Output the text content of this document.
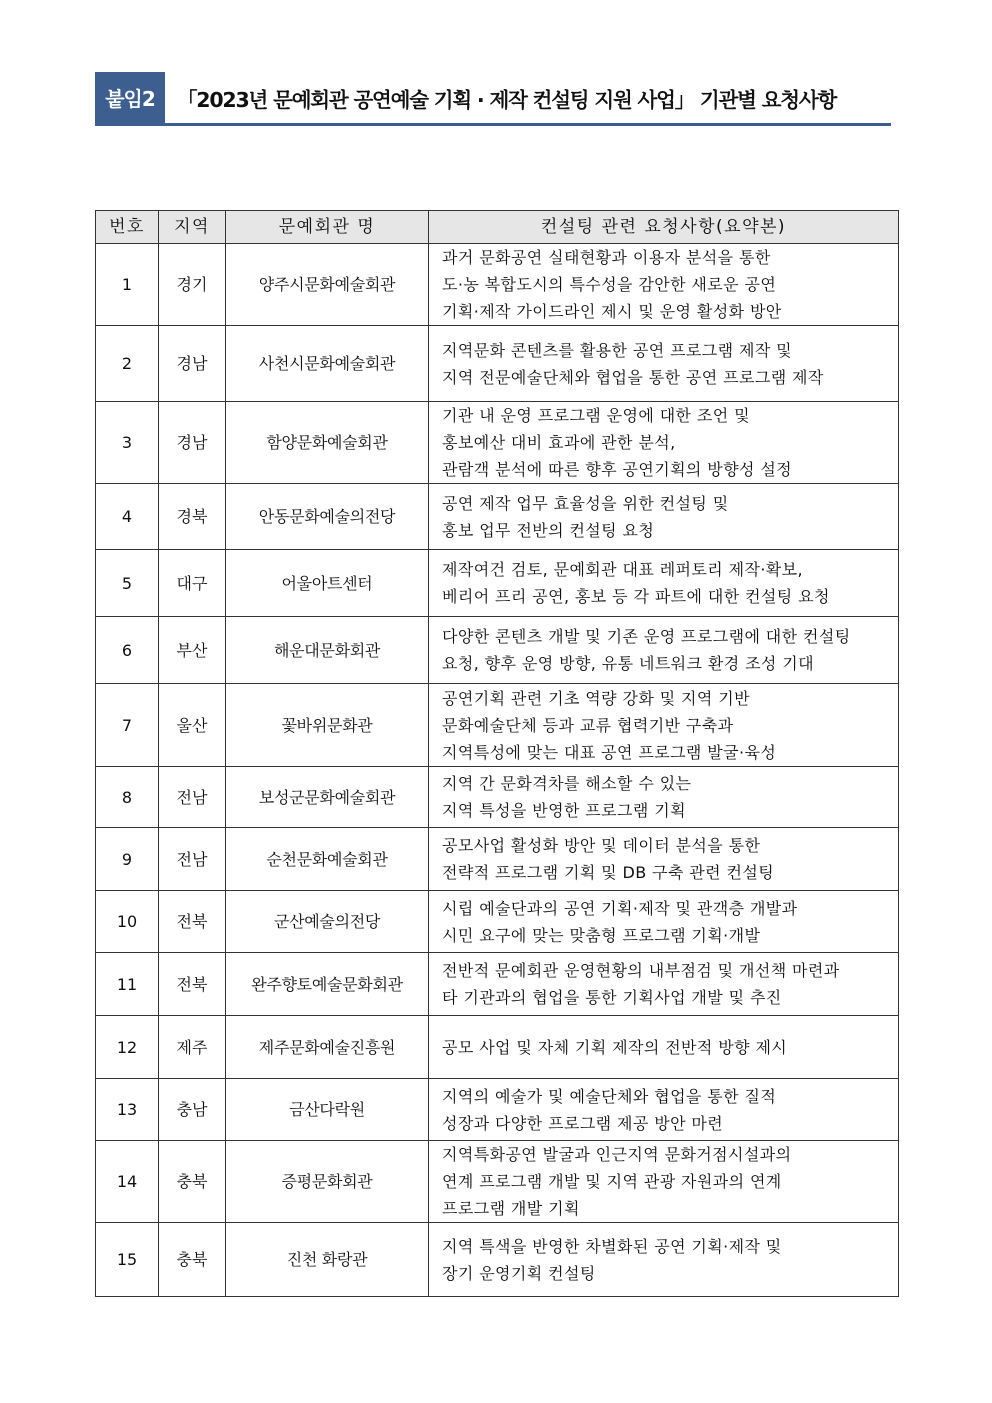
붙임2	「2023년 문예회관 공연예술 기획 · 제작 컨설팅 지원 사업」 기관별 요청사항
번호	지역	문예회관 명	컨설팅 관련 요청사항(요약본)
1	경기	양주시문화예술회관	과거 문화공연 실태현황과 이용자 분석을 통한
도·농 복합도시의 특수성을 감안한 새로운 공연
기획·제작 가이드라인 제시 및 운영 활성화 방안

2	경남	사천시문화예술회관	지역문화 콘텐츠를 활용한 공연 프로그램 제작 및
지역 전문예술단체와 협업을 통한 공연 프로그램 제작

3	경남	함양문화예술회관	기관 내 운영 프로그램 운영에 대한 조언 및
홍보예산 대비 효과에 관한 분석,
관람객 분석에 따른 향후 공연기획의 방향성 설정

4	경북	안동문화예술의전당	공연 제작 업무 효율성을 위한 컨설팅 및
홍보 업무 전반의 컨설팅 요청

5	대구	어울아트센터	제작여건 검토, 문예회관 대표 레퍼토리 제작·확보,
베리어 프리 공연, 홍보 등 각 파트에 대한 컨설팅 요청

6	부산	해운대문화회관	다양한 콘텐츠 개발 및 기존 운영 프로그램에 대한 컨설팅
요청, 향후 운영 방향, 유통 네트워크 환경 조성 기대

7	울산	꽃바위문화관	공연기획 관련 기초 역량 강화 및 지역 기반
문화예술단체 등과 교류 협력기반 구축과
지역특성에 맞는 대표 공연 프로그램 발굴·육성

8	전남	보성군문화예술회관	지역 간 문화격차를 해소할 수 있는
지역 특성을 반영한 프로그램 기획

9	전남	순천문화예술회관	공모사업 활성화 방안 및 데이터 분석을 통한
전략적 프로그램 기획 및 DB 구축 관련 컨설팅

10	전북	군산예술의전당	시립 예술단과의 공연 기획·제작 및 관객층 개발과
시민 요구에 맞는 맞춤형 프로그램 기획·개발

11	전북	완주향토예술문화회관	전반적 문예회관 운영현황의 내부점검 및 개선책 마련과
타 기관과의 협업을 통한 기획사업 개발 및 추진

12	제주	제주문화예술진흥원	공모 사업 및 자체 기획 제작의 전반적 방향 제시

13	충남	금산다락원	지역의 예술가 및 예술단체와 협업을 통한 질적
성장과 다양한 프로그램 제공 방안 마련

14	충북	증평문화회관	지역특화공연 발굴과 인근지역 문화거점시설과의
연계 프로그램 개발 및 지역 관광 자원과의 연계
프로그램 개발 기획

15	충북	진천 화랑관	지역 특색을 반영한 차별화된 공연 기획·제작 및
장기 운영기획 컨설팅
